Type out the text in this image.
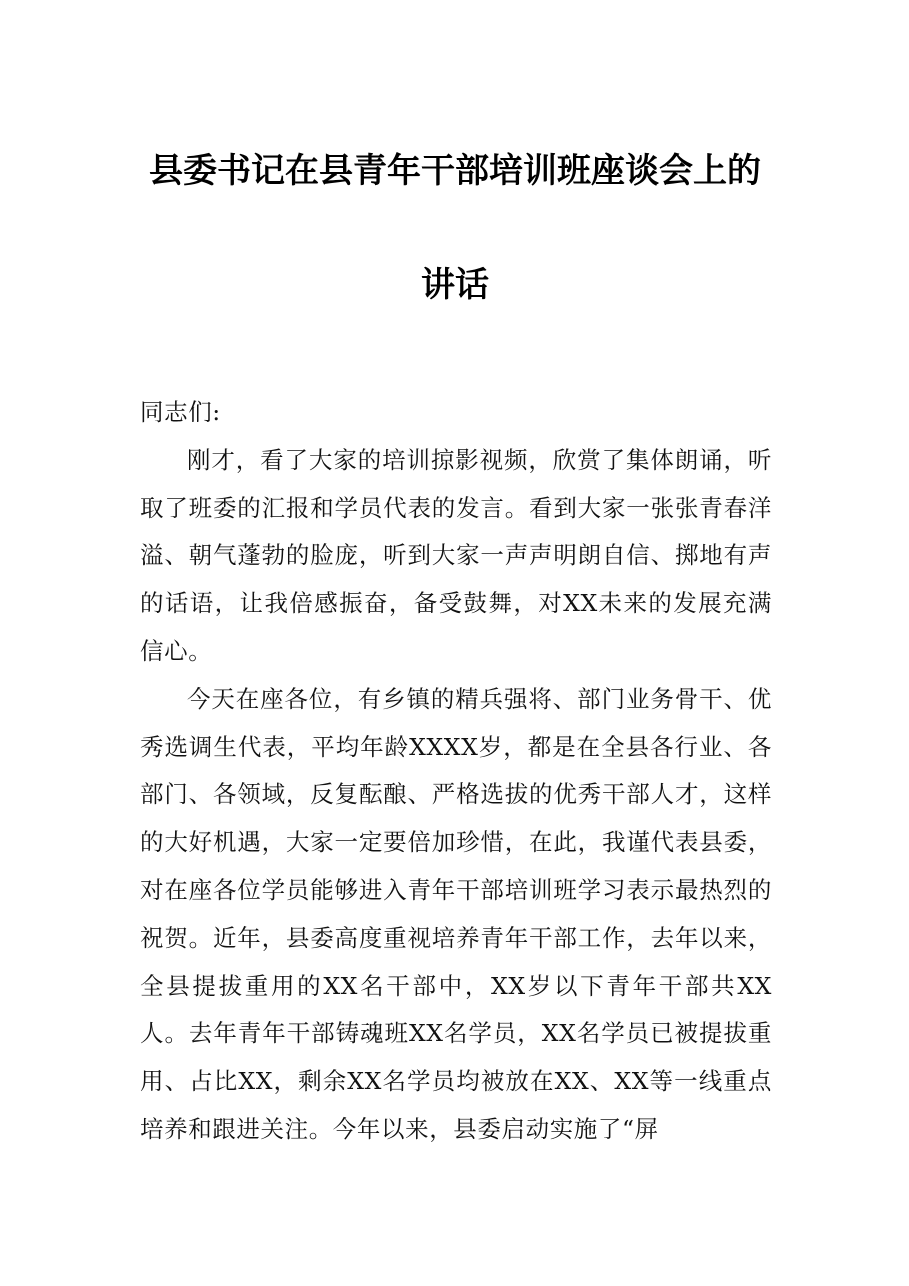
县委书记在县青年干部培训班座谈会上的
讲话

同志们:

刚才，看了大家的培训掠影视频，欣赏了集体朗诵，听取了班委的汇报和学员代表的发言。看到大家一张张青春洋溢、朝气蓬勃的脸庞，听到大家一声声明朗自信、掷地有声的话语，让我倍感振奋，备受鼓舞，对XX未来的发展充满信心。

今天在座各位，有乡镇的精兵强将、部门业务骨干、优秀选调生代表，平均年龄XXXX岁，都是在全县各行业、各部门、各领域，反复酝酿、严格选拔的优秀干部人才，这样的大好机遇，大家一定要倍加珍惜，在此，我谨代表县委，对在座各位学员能够进入青年干部培训班学习表示最热烈的祝贺。近年，县委高度重视培养青年干部工作，去年以来，全县提拔重用的XX名干部中，XX岁以下青年干部共XX人。去年青年干部铸魂班XX名学员，XX名学员已被提拔重用、占比XX，剩余XX名学员均被放在XX、XX等一线重点培养和跟进关注。今年以来，县委启动实施了“屏
